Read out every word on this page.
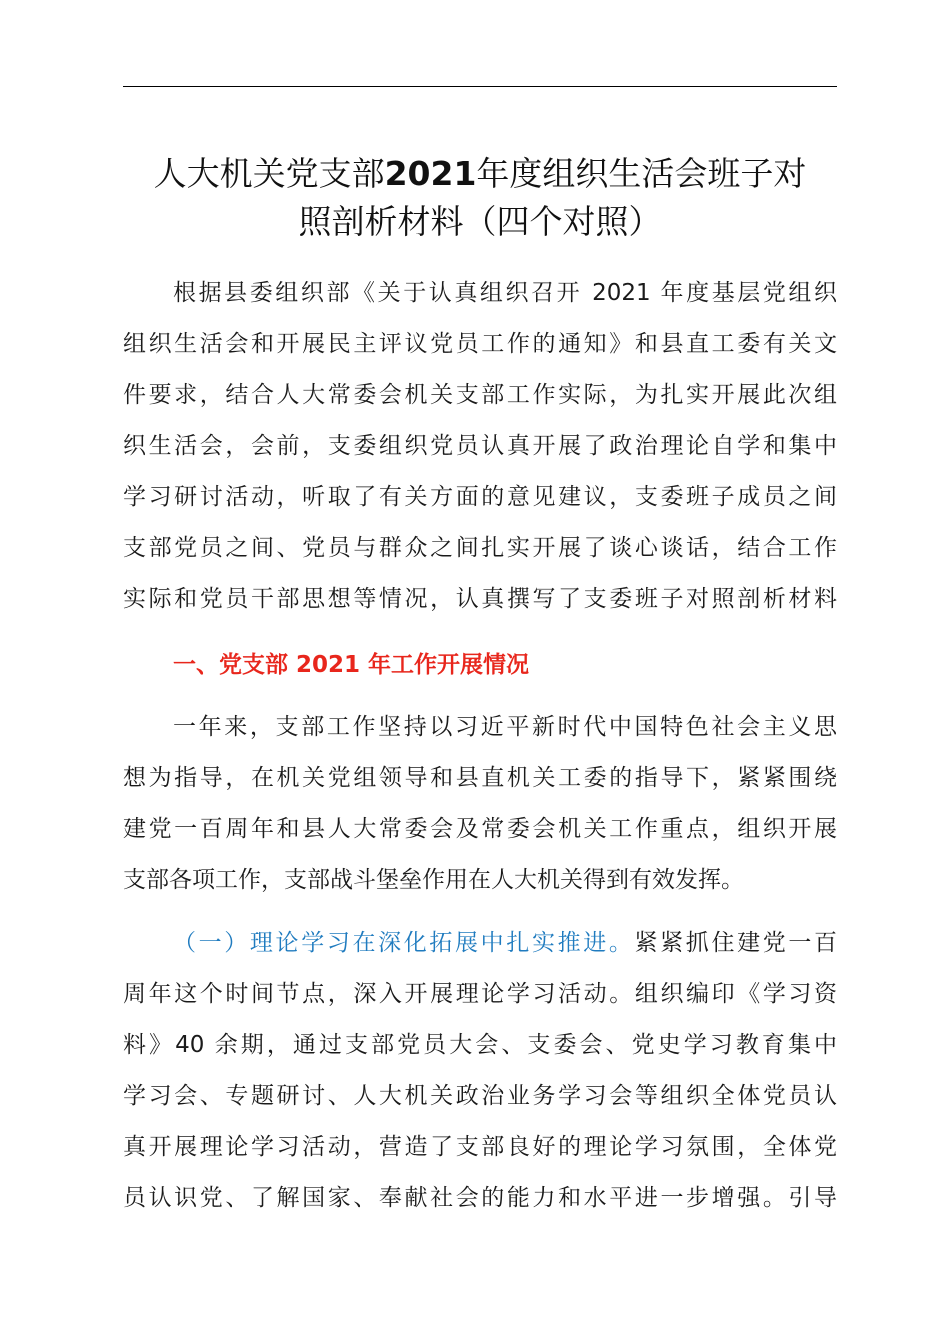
人大机关党支部2021年度组织生活会班子对
照剖析材料（四个对照）

根据县委组织部《关于认真组织召开 2021 年度基层党组织
组织生活会和开展民主评议党员工作的通知》和县直工委有关文
件要求，结合人大常委会机关支部工作实际，为扎实开展此次组
织生活会，会前，支委组织党员认真开展了政治理论自学和集中
学习研讨活动，听取了有关方面的意见建议，支委班子成员之间
支部党员之间、党员与群众之间扎实开展了谈心谈话，结合工作
实际和党员干部思想等情况，认真撰写了支委班子对照剖析材料

一、党支部 2021 年工作开展情况

一年来，支部工作坚持以习近平新时代中国特色社会主义思
想为指导，在机关党组领导和县直机关工委的指导下，紧紧围绕
建党一百周年和县人大常委会及常委会机关工作重点，组织开展
支部各项工作，支部战斗堡垒作用在人大机关得到有效发挥。

（一）理论学习在深化拓展中扎实推进。紧紧抓住建党一百
周年这个时间节点，深入开展理论学习活动。组织编印《学习资
料》40 余期，通过支部党员大会、支委会、党史学习教育集中
学习会、专题研讨、人大机关政治业务学习会等组织全体党员认
真开展理论学习活动，营造了支部良好的理论学习氛围，全体党
员认识党、了解国家、奉献社会的能力和水平进一步增强。引导
